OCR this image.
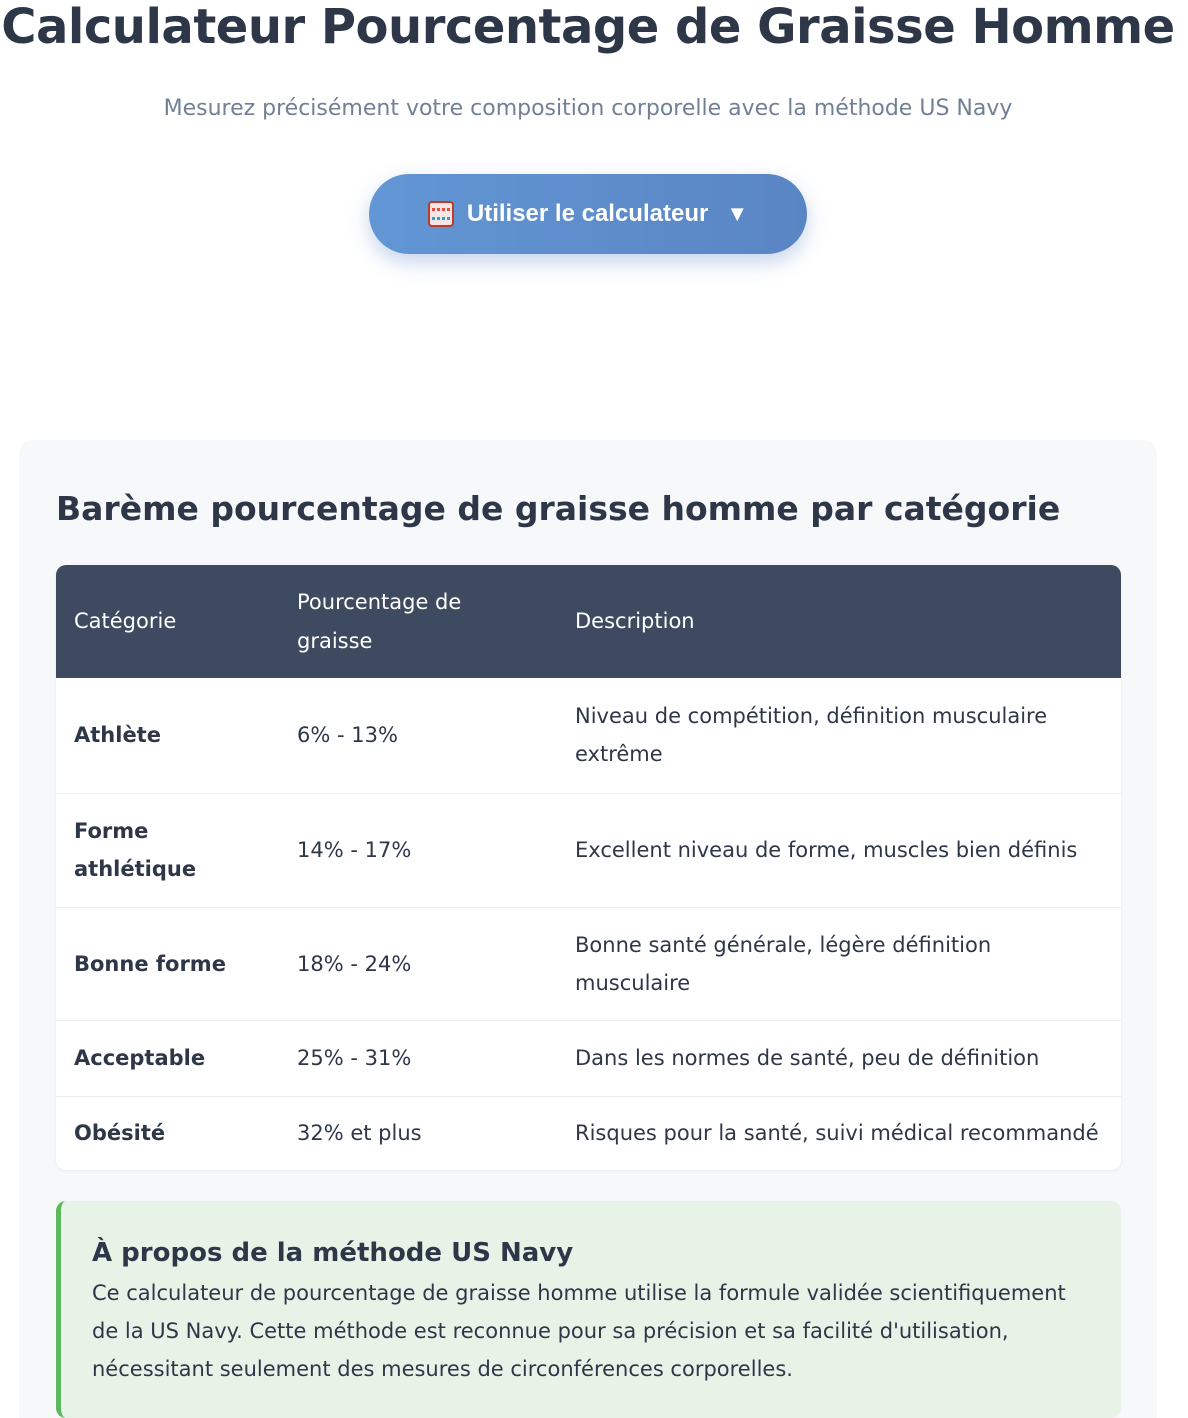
Calculateur Pourcentage de Graisse Homme

Mesurez précisément votre composition corporelle avec la méthode US Navy

Utiliser le calculateur ▼
Barème pourcentage de graisse homme par catégorie
Catégorie	Pourcentage de graisse	Description
Athlète	6% - 13%	Niveau de compétition, définition musculaire extrême
Forme athlétique	14% - 17%	Excellent niveau de forme, muscles bien définis
Bonne forme	18% - 24%	Bonne santé générale, légère définition musculaire
Acceptable	25% - 31%	Dans les normes de santé, peu de définition
Obésité	32% et plus	Risques pour la santé, suivi médical recommandé
À propos de la méthode US Navy

Ce calculateur de pourcentage de graisse homme utilise la formule validée scientifiquement de la US Navy. Cette méthode est reconnue pour sa précision et sa facilité d'utilisation, nécessitant seulement des mesures de circonférences corporelles.
